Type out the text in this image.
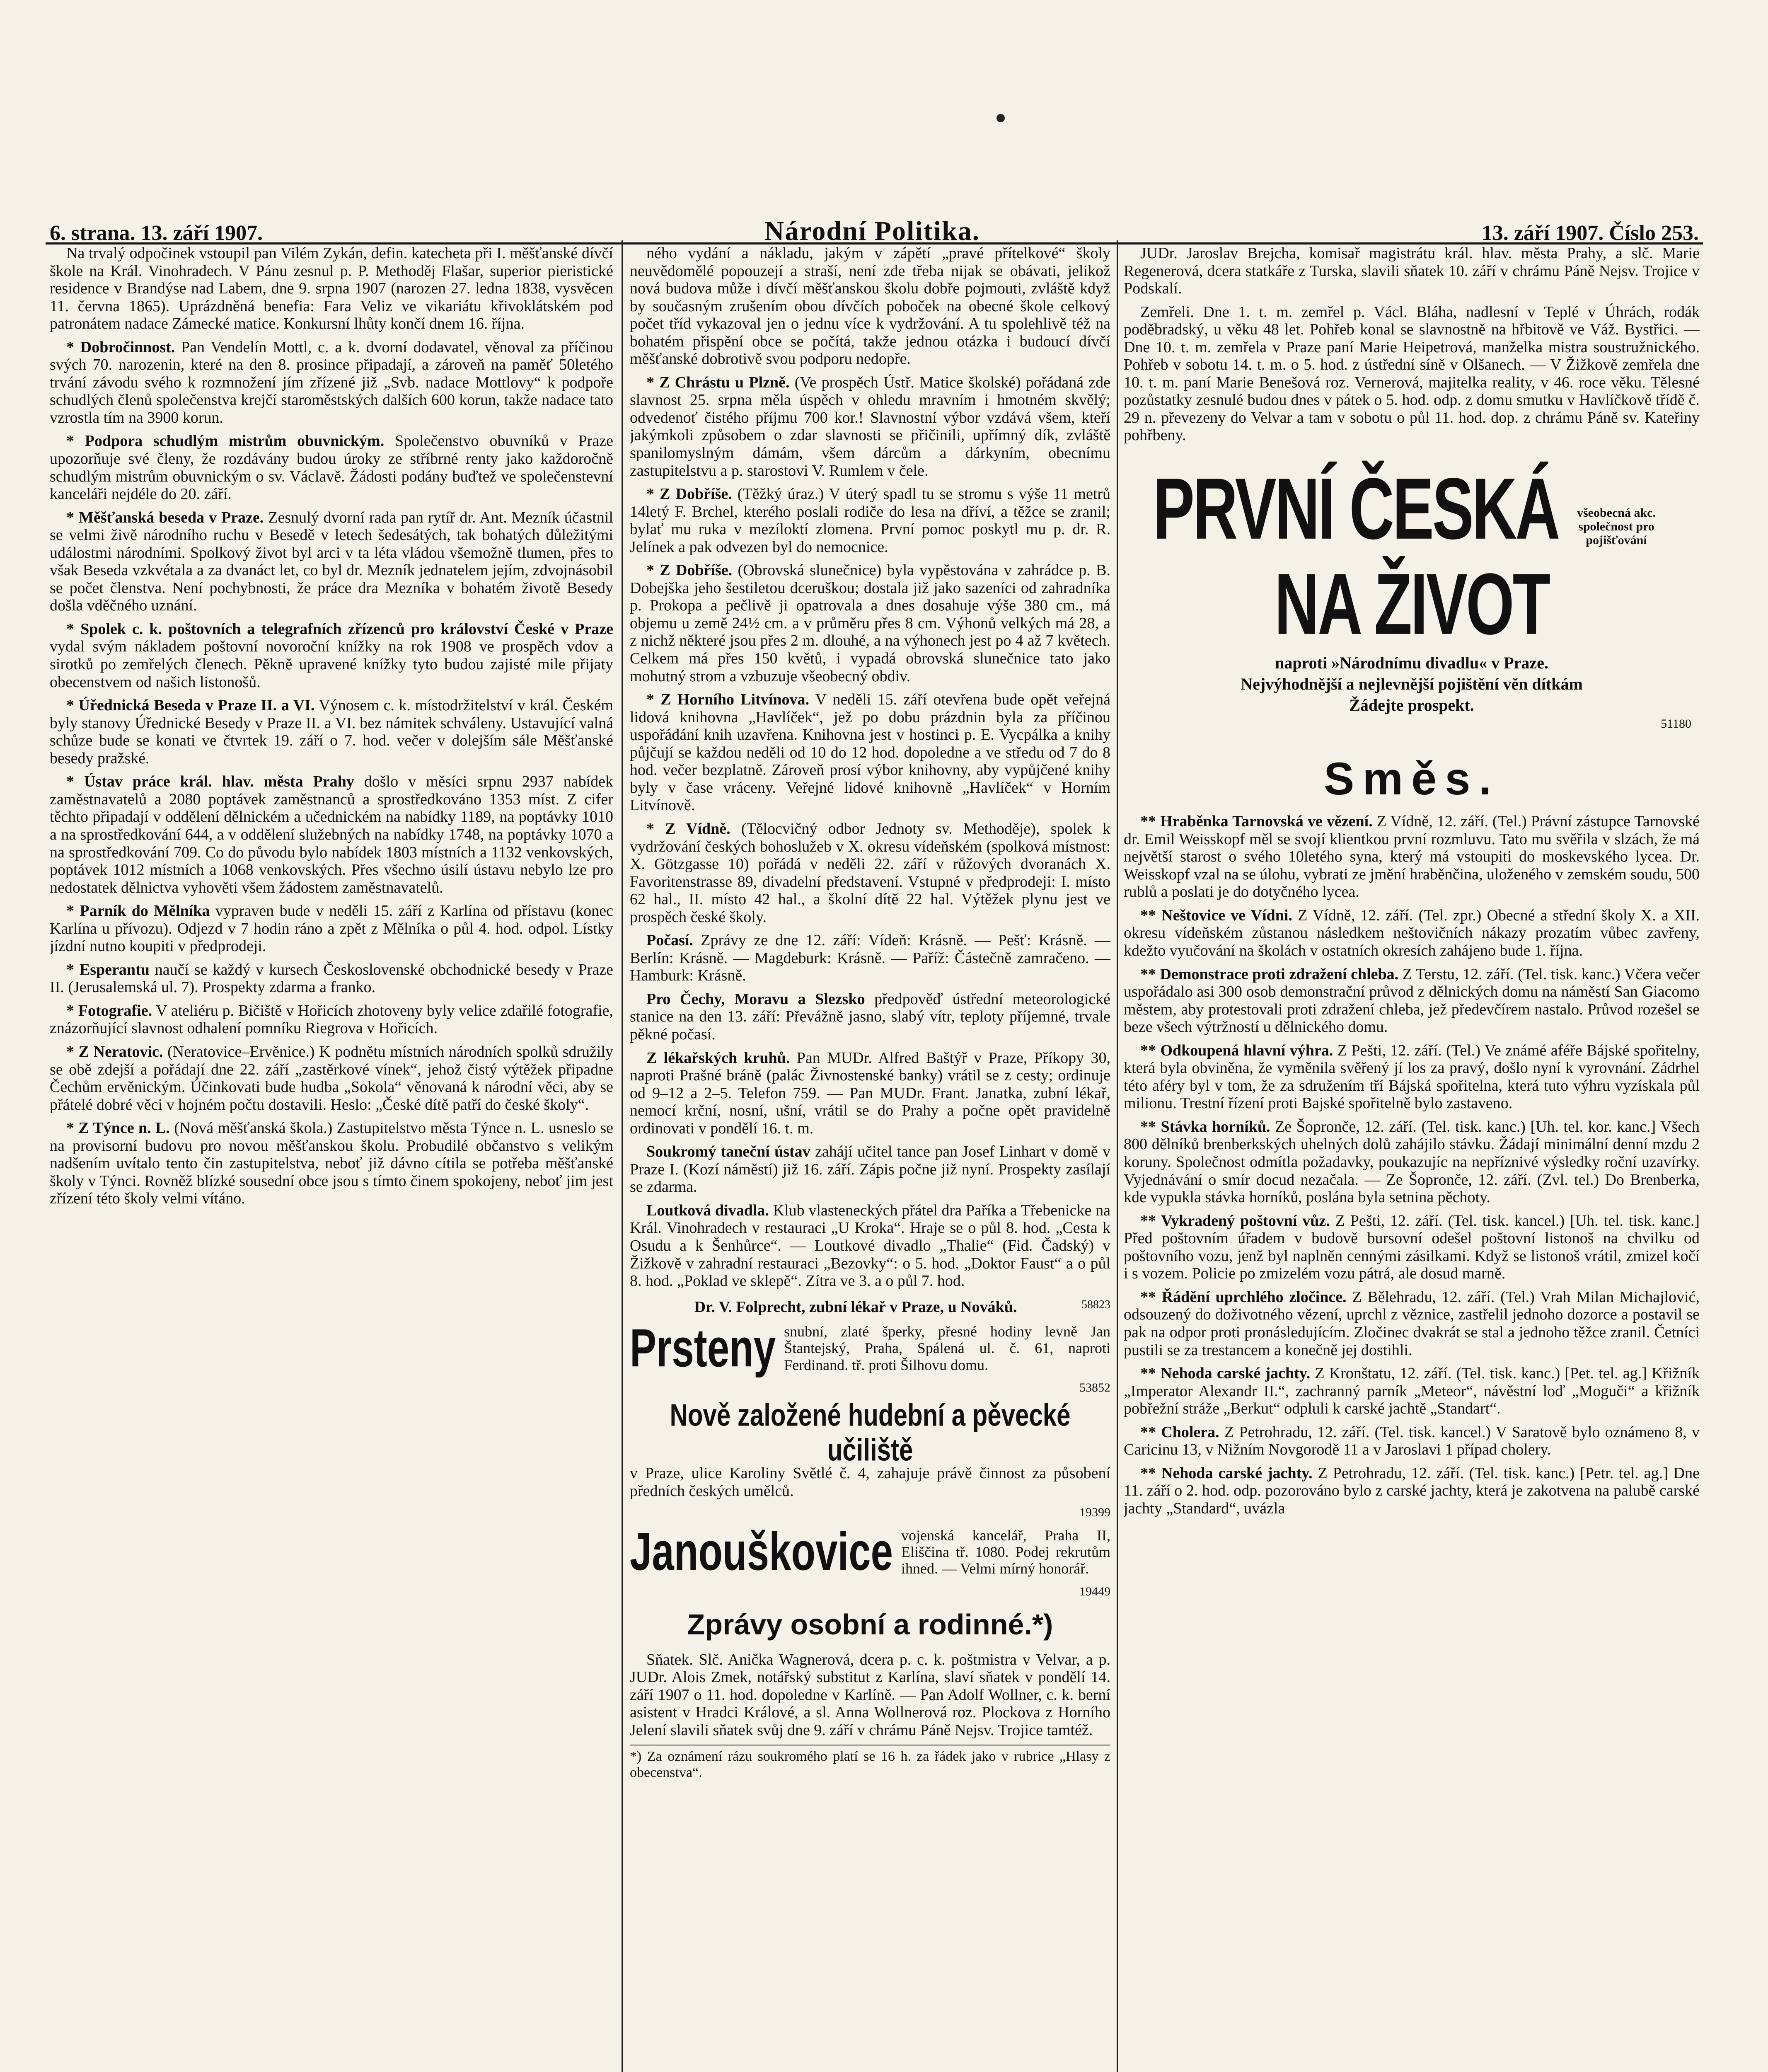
6. strana. 13. září 1907.	Národní Politika.	13. září 1907. Číslo 253.

Na trvalý odpočinek vstoupil pan Vilém Zykán, defin. katecheta při I. měšťanské dívčí škole na Král. Vinohradech. V Pánu zesnul p. P. Methoděj Flašar, superior pieristické residence v Brandýse nad Labem, dne 9. srpna 1907 (narozen 27. ledna 1838, vysvěcen 11. června 1865). Uprázdněná benefia: Fara Veliz ve vikariátu křivoklátském pod patronátem nadace Zámecké matice. Konkursní lhůty končí dnem 16. října.

* Dobročinnost. Pan Vendelín Mottl, c. a k. dvorní dodavatel, věnoval za příčinou svých 70. narozenin, které na den 8. prosince připadají, a zároveň na paměť 50letého trvání závodu svého k rozmnožení jím zřízené již „Svb. nadace Mottlovy“ k podpoře schudlých členů společenstva krejčí staroměstských dalších 600 korun, takže nadace tato vzrostla tím na 3900 korun.

* Podpora schudlým mistrům obuvnickým. Společenstvo obuvníků v Praze upozorňuje své členy, že rozdávány budou úroky ze stříbrné renty jako každoročně schudlým mistrům obuvnickým o sv. Václavě. Žádosti podány buďtež ve společenstevní kanceláři nejdéle do 20. září.

* Měšťanská beseda v Praze. Zesnulý dvorní rada pan rytíř dr. Ant. Mezník účastnil se velmi živě národního ruchu v Besedě v letech šedesátých, tak bohatých důležitými událostmi národními. Spolkový život byl arci v ta léta vládou všemožně tlumen, přes to však Beseda vzkvétala a za dvanáct let, co byl dr. Mezník jednatelem jejím, zdvojnásobil se počet členstva. Není pochybnosti, že práce dra Mezníka v bohatém životě Besedy došla vděčného uznání.

* Spolek c. k. poštovních a telegrafních zřízenců pro království České v Praze vydal svým nákladem poštovní novoroční knížky na rok 1908 ve prospěch vdov a sirotků po zemřelých členech. Pěkně upravené knížky tyto budou zajisté mile přijaty obecenstvem od našich listonošů.

* Úřednická Beseda v Praze II. a VI. Výnosem c. k. místodržitelství v král. Českém byly stanovy Úřednické Besedy v Praze II. a VI. bez námitek schváleny. Ustavující valná schůze bude se konati ve čtvrtek 19. září o 7. hod. večer v dolejším sále Měšťanské besedy pražské.

* Ústav práce král. hlav. města Prahy došlo v měsíci srpnu 2937 nabídek zaměstnavatelů a 2080 poptávek zaměstnanců a sprostředkováno 1353 míst. Z cifer těchto připadají v oddělení dělnickém a učednickém na nabídky 1189, na poptávky 1010 a na sprostředkování 644, a v oddělení služebných na nabídky 1748, na poptávky 1070 a na sprostředkování 709. Co do původu bylo nabídek 1803 místních a 1132 venkovských, poptávek 1012 místních a 1068 venkovských. Přes všechno úsilí ústavu nebylo lze pro nedostatek dělnictva vyhověti všem žádostem zaměstnavatelů.

* Parník do Mělníka vypraven bude v neděli 15. září z Karlína od přístavu (konec Karlína u přívozu). Odjezd v 7 hodin ráno a zpět z Mělníka o půl 4. hod. odpol. Lístky jízdní nutno koupiti v předprodeji.

* Esperantu naučí se každý v kursech Československé obchodnické besedy v Praze II. (Jerusalemská ul. 7). Prospekty zdarma a franko.

* Fotografie. V ateliéru p. Bičiště v Hořicích zhotoveny byly velice zdařilé fotografie, znázorňující slavnost odhalení pomníku Riegrova v Hořicích.

* Z Neratovic. (Neratovice–Ervěnice.) K podnětu místních národních spolků sdružily se obě zdejší a pořádají dne 22. září „zastěrkové vínek“, jehož čistý výtěžek připadne Čechům ervěnickým. Účinkovati bude hudba „Sokola“ věnovaná k národní věci, aby se přátelé dobré věci v hojném počtu dostavili. Heslo: „České dítě patří do české školy“.

* Z Týnce n. L. (Nová měšťanská škola.) Zastupitelstvo města Týnce n. L. usneslo se na provisorní budovu pro novou měšťanskou školu. Probudilé občanstvo s velikým nadšením uvítalo tento čin zastupitelstva, neboť již dávno cítila se potřeba měšťanské školy v Týnci. Rovněž blízké sousední obce jsou s tímto činem spokojeny, neboť jim jest zřízení této školy velmi vítáno.

ného vydání a nákladu, jakým v zápětí „pravé přítelkové“ školy neuvědomělé popouzejí a straší, není zde třeba nijak se obávati, jelikož nová budova může i dívčí měšťanskou školu dobře pojmouti, zvláště když by současným zrušením obou dívčích poboček na obecné škole celkový počet tříd vykazoval jen o jednu více k vydržování. A tu spolehlivě též na bohatém přispění obce se počítá, takže jednou otázka i budoucí dívčí měšťanské dobrotivě svou podporu nedopře.

* Z Chrástu u Plzně. (Ve prospěch Ústř. Matice školské) pořádaná zde slavnost 25. srpna měla úspěch v ohledu mravním i hmotném skvělý; odvedenoť čistého příjmu 700 kor.! Slavnostní výbor vzdává všem, kteří jakýmkoli způsobem o zdar slavnosti se přičinili, upřímný dík, zvláště spanilomyslným dámám, všem dárcům a dárkyním, obecnímu zastupitelstvu a p. starostovi V. Rumlem v čele.

* Z Dobříše. (Těžký úraz.) V úterý spadl tu se stromu s výše 11 metrů 14letý F. Brchel, kterého poslali rodiče do lesa na dříví, a těžce se zranil; bylať mu ruka v mezíloktí zlomena. První pomoc poskytl mu p. dr. R. Jelínek a pak odvezen byl do nemocnice.

* Z Dobříše. (Obrovská slunečnice) byla vypěstována v zahrádce p. B. Dobejška jeho šestiletou dceruškou; dostala již jako sazeníci od zahradníka p. Prokopa a pečlivě ji opatrovala a dnes dosahuje výše 380 cm., má objemu u země 24½ cm. a v průměru přes 8 cm. Výhonů velkých má 28, a z nichž některé jsou přes 2 m. dlouhé, a na výhonech jest po 4 až 7 květech. Celkem má přes 150 květů, i vypadá obrovská slunečnice tato jako mohutný strom a vzbuzuje všeobecný obdiv.

* Z Horního Litvínova. V neděli 15. září otevřena bude opět veřejná lidová knihovna „Havlíček“, jež po dobu prázdnin byla za příčinou uspořádání knih uzavřena. Knihovna jest v hostinci p. E. Vycpálka a knihy půjčují se každou neděli od 10 do 12 hod. dopoledne a ve středu od 7 do 8 hod. večer bezplatně. Zároveň prosí výbor knihovny, aby vypůjčené knihy byly v čase vráceny. Veřejné lidové knihovně „Havlíček“ v Horním Litvínově.

* Z Vídně. (Tělocvičný odbor Jednoty sv. Methoděje), spolek k vydržování českých bohoslužeb v X. okresu vídeňském (spolková místnost: X. Götzgasse 10) pořádá v neděli 22. září v růžových dvoranách X. Favoritenstrasse 89, divadelní představení. Vstupné v předprodeji: I. místo 62 hal., II. místo 42 hal., a školní dítě 22 hal. Výtěžek plynu jest ve prospěch české školy.

Počasí. Zprávy ze dne 12. září: Vídeň: Krásně. — Pešť: Krásně. — Berlín: Krásně. — Magdeburk: Krásně. — Paříž: Částečně zamračeno. — Hamburk: Krásně.

Pro Čechy, Moravu a Slezsko předpověď ústřední meteorologické stanice na den 13. září: Převážně jasno, slabý vítr, teploty příjemné, trvale pěkné počasí.

Z lékařských kruhů. Pan MUDr. Alfred Baštýř v Praze, Příkopy 30, naproti Prašné bráně (palác Živnostenské banky) vrátil se z cesty; ordinuje od 9–12 a 2–5. Telefon 759. — Pan MUDr. Frant. Janatka, zubní lékař, nemocí krční, nosní, ušní, vrátil se do Prahy a počne opět pravidelně ordinovati v pondělí 16. t. m.

Soukromý taneční ústav zahájí učitel tance pan Josef Linhart v domě v Praze I. (Kozí náměstí) již 16. září. Zápis počne již nyní. Prospekty zasílají se zdarma.

Loutková divadla. Klub vlasteneckých přátel dra Paříka a Třebenicke na Král. Vinohradech v restauraci „U Kroka“. Hraje se o půl 8. hod. „Cesta k Osudu a k Šenhůrce“. — Loutkové divadlo „Thalie“ (Fid. Čadský) v Žižkově v zahradní restauraci „Bezovky“: o 5. hod. „Doktor Faust“ a o půl 8. hod. „Poklad ve sklepě“. Zítra ve 3. a o půl 7. hod.

Dr. V. Folprecht, zubní lékař v Praze, u Nováků.	58823

Prsteny snubní, zlaté šperky, přesné hodiny levně Jan Štantejský, Praha, Spálená ul. č. 61, naproti Ferdinand. tř. proti Šilhovu domu.

53852

Nově založené hudební a pěvecké učiliště

v Praze, ulice Karoliny Světlé č. 4, zahajuje právě činnost za působení předních českých umělců.

19399

Janouškovice vojenská kancelář, Praha II, Eliščina tř. 1080. Podej rekrutům ihned. — Velmi mírný honorář.

19449

Zprávy osobní a rodinné.*)

Sňatek. Slč. Anička Wagnerová, dcera p. c. k. poštmistra v Velvar, a p. JUDr. Alois Zmek, notářský substitut z Karlína, slaví sňatek v pondělí 14. září 1907 o 11. hod. dopoledne v Karlíně. — Pan Adolf Wollner, c. k. berní asistent v Hradci Králové, a sl. Anna Wollnerová roz. Plockova z Horního Jelení slavili sňatek svůj dne 9. září v chrámu Páně Nejsv. Trojice tamtéž.

*) Za oznámení rázu soukromého platí se 16 h. za řádek jako v rubrice „Hlasy z obecenstva“.

JUDr. Jaroslav Brejcha, komisař magistrátu král. hlav. města Prahy, a slč. Marie Regenerová, dcera statkáře z Turska, slavili sňatek 10. září v chrámu Páně Nejsv. Trojice v Podskalí.

Zemřeli. Dne 1. t. m. zemřel p. Václ. Bláha, nadlesní v Teplé v Úhrách, rodák poděbradský, u věku 48 let. Pohřeb konal se slavnostně na hřbitově ve Váž. Bystřici. — Dne 10. t. m. zemřela v Praze paní Marie Heipetrová, manželka mistra soustružnického. Pohřeb v sobotu 14. t. m. o 5. hod. z ústřední síně v Olšanech. — V Žižkově zemřela dne 10. t. m. paní Marie Benešová roz. Vernerová, majitelka reality, v 46. roce věku. Tělesné pozůstatky zesnulé budou dnes v pátek o 5. hod. odp. z domu smutku v Havlíčkově třídě č. 29 n. převezeny do Velvar a tam v sobotu o půl 11. hod. dop. z chrámu Páně sv. Kateřiny pohřbeny.

PRVNÍ ČESKÁ všeobecná akc. společnost pro pojišťování NA ŽIVOT
naproti »Národnímu divadlu« v Praze.
Nejvýhodnější a nejlevnější pojištění věn dítkám
Žádejte prospekt.

51180

Směs.

** Hraběnka Tarnovská ve vězení. Z Vídně, 12. září. (Tel.) Právní zástupce Tarnovské dr. Emil Weisskopf měl se svojí klientkou první rozmluvu. Tato mu svěřila v slzách, že má největší starost o svého 10letého syna, který má vstoupiti do moskevského lycea. Dr. Weisskopf vzal na se úlohu, vybrati ze jmění hraběnčina, uloženého v zemském soudu, 500 rublů a poslati je do dotyčného lycea.

** Neštovice ve Vídni. Z Vídně, 12. září. (Tel. zpr.) Obecné a střední školy X. a XII. okresu vídeňském zůstanou následkem neštovičních nákazy prozatím vůbec zavřeny, kdežto vyučování na školách v ostatních okresích zahájeno bude 1. října.

** Demonstrace proti zdražení chleba. Z Terstu, 12. září. (Tel. tisk. kanc.) Včera večer uspořádalo asi 300 osob demonstrační průvod z dělnických domu na náměstí San Giacomo městem, aby protestovali proti zdražení chleba, jež předevčírem nastalo. Průvod rozešel se beze všech výtržností u dělnického domu.

** Odkoupená hlavní výhra. Z Pešti, 12. září. (Tel.) Ve známé aféře Bájské spořitelny, která byla obviněna, že vyměnila svěřený jí los za pravý, došlo nyní k vyrovnání. Zádrhel této aféry byl v tom, že za sdružením tří Bájská spořitelna, která tuto výhru vyzískala půl milionu. Trestní řízení proti Bajské spořitelně bylo zastaveno.

** Stávka horníků. Ze Šopronče, 12. září. (Tel. tisk. kanc.) [Uh. tel. kor. kanc.] Všech 800 dělníků brenberkských uhelných dolů zahájilo stávku. Žádají minimální denní mzdu 2 koruny. Společnost odmítla požadavky, poukazujíc na nepříznivé výsledky roční uzavírky. Vyjednávání o smír docud nezačala. — Ze Šopronče, 12. září. (Zvl. tel.) Do Brenberka, kde vypukla stávka horníků, poslána byla setnina pěchoty.

** Vykradený poštovní vůz. Z Pešti, 12. září. (Tel. tisk. kancel.) [Uh. tel. tisk. kanc.] Před poštovním úřadem v budově bursovní odešel poštovní listonoš na chvilku od poštovního vozu, jenž byl naplněn cennými zásilkami. Když se listonoš vrátil, zmizel kočí i s vozem. Policie po zmizelém vozu pátrá, ale dosud marně.

** Řádění uprchlého zločince. Z Bělehradu, 12. září. (Tel.) Vrah Milan Michajlović, odsouzený do doživotného vězení, uprchl z věznice, zastřelil jednoho dozorce a postavil se pak na odpor proti pronásledujícím. Zločinec dvakrát se stal a jednoho těžce zranil. Četníci pustili se za trestancem a konečně jej dostihli.

** Nehoda carské jachty. Z Kronštatu, 12. září. (Tel. tisk. kanc.) [Pet. tel. ag.] Křižník „Imperator Alexandr II.“, zachranný parník „Meteor“, návěstní loď „Moguči“ a křižník pobřežní stráže „Berkut“ odpluli k carské jachtě „Standart“.

** Cholera. Z Petrohradu, 12. září. (Tel. tisk. kancel.) V Saratově bylo oznámeno 8, v Caricinu 13, v Nižním Novgorodě 11 a v Jaroslavi 1 případ cholery.

** Nehoda carské jachty. Z Petrohradu, 12. září. (Tel. tisk. kanc.) [Petr. tel. ag.] Dne 11. září o 2. hod. odp. pozorováno bylo z carské jachty, která je zakotvena na palubě carské jachty „Standard“, uvázla
